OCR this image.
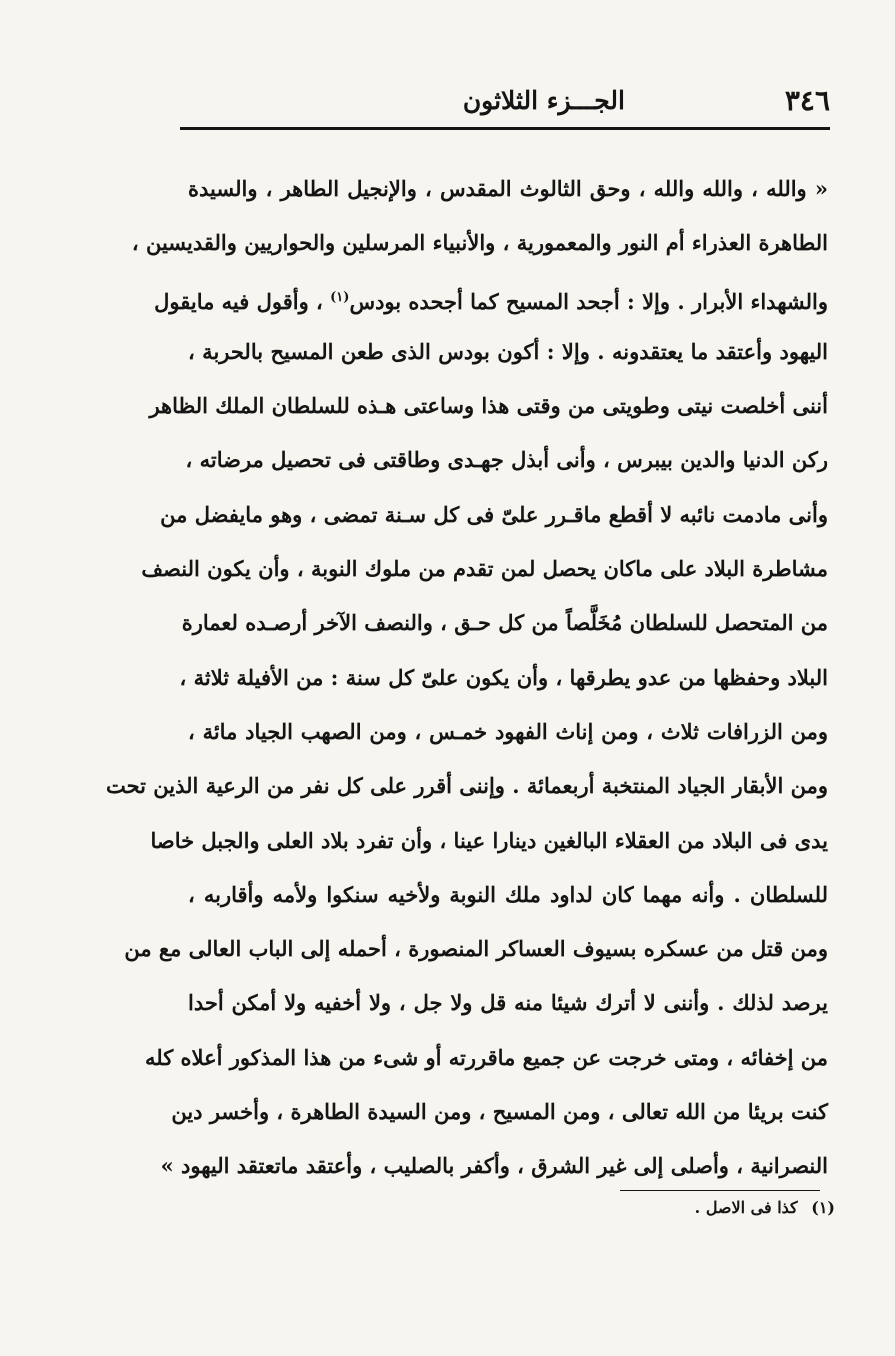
٣٤٦
الجـــزء الثلاثون
« والله ، والله والله ، وحق الثالوث المقدس ، والإنجيل الطاهر ، والسيدة
الطاهرة العذراء أم النور والمعمورية ، والأنبياء المرسلين والحواريين والقديسين ،
والشهداء الأبرار . وإلا : أجحد المسيح كما أجحده بودس$^{(١)}$ ، وأقول فيه مايقول
اليهود وأعتقد ما يعتقدونه . وإلا : أكون بودس الذى طعن المسيح بالحربة ،
أننى أخلصت نيتى وطويتى من وقتى هذا وساعتى هـذه للسلطان الملك الظاهر
ركن الدنيا والدين بيبرس ، وأنى أبذل جهـدى وطاقتى فى تحصيل مرضاته ،
وأنى مادمت نائبه لا أقطع ماقـرر علىّ فى كل سـنة تمضى ، وهو مايفضل من
مشاطرة البلاد على ماكان يحصل لمن تقدم من ملوك النوبة ، وأن يكون النصف
من المتحصل للسلطان مُخَلَّصاً من كل حـق ، والنصف الآخر أرصـده لعمارة
البلاد وحفظها من عدو يطرقها ، وأن يكون علىّ كل سنة : من الأفيلة ثلاثة ،
ومن الزرافات ثلاث ، ومن إناث الفهود خمـس ، ومن الصهب الجياد مائة ،
ومن الأبقار الجياد المنتخبة أربعمائة . وإننى أقرر على كل نفر من الرعية الذين تحت
يدى فى البلاد من العقلاء البالغين دينارا عينا ، وأن تفرد بلاد العلى والجبل خاصا
للسلطان . وأنه مهما كان لداود ملك النوبة ولأخيه سنكوا ولأمه وأقاربه ،
ومن قتل من عسكره بسيوف العساكر المنصورة ، أحمله إلى الباب العالى مع من
يرصد لذلك . وأننى لا أترك شيئا منه قل ولا جل ، ولا أخفيه ولا أمكن أحدا
من إخفائه ، ومتى خرجت عن جميع ماقررته أو شىء من هذا المذكور أعلاه كله
كنت بريئا من الله تعالى ، ومن المسيح ، ومن السيدة الطاهرة ، وأخسر دين
النصرانية ، وأصلى إلى غير الشرق ، وأكفر بالصليب ، وأعتقد ماتعتقد اليهود »
(١) كذا فى الاصل .
